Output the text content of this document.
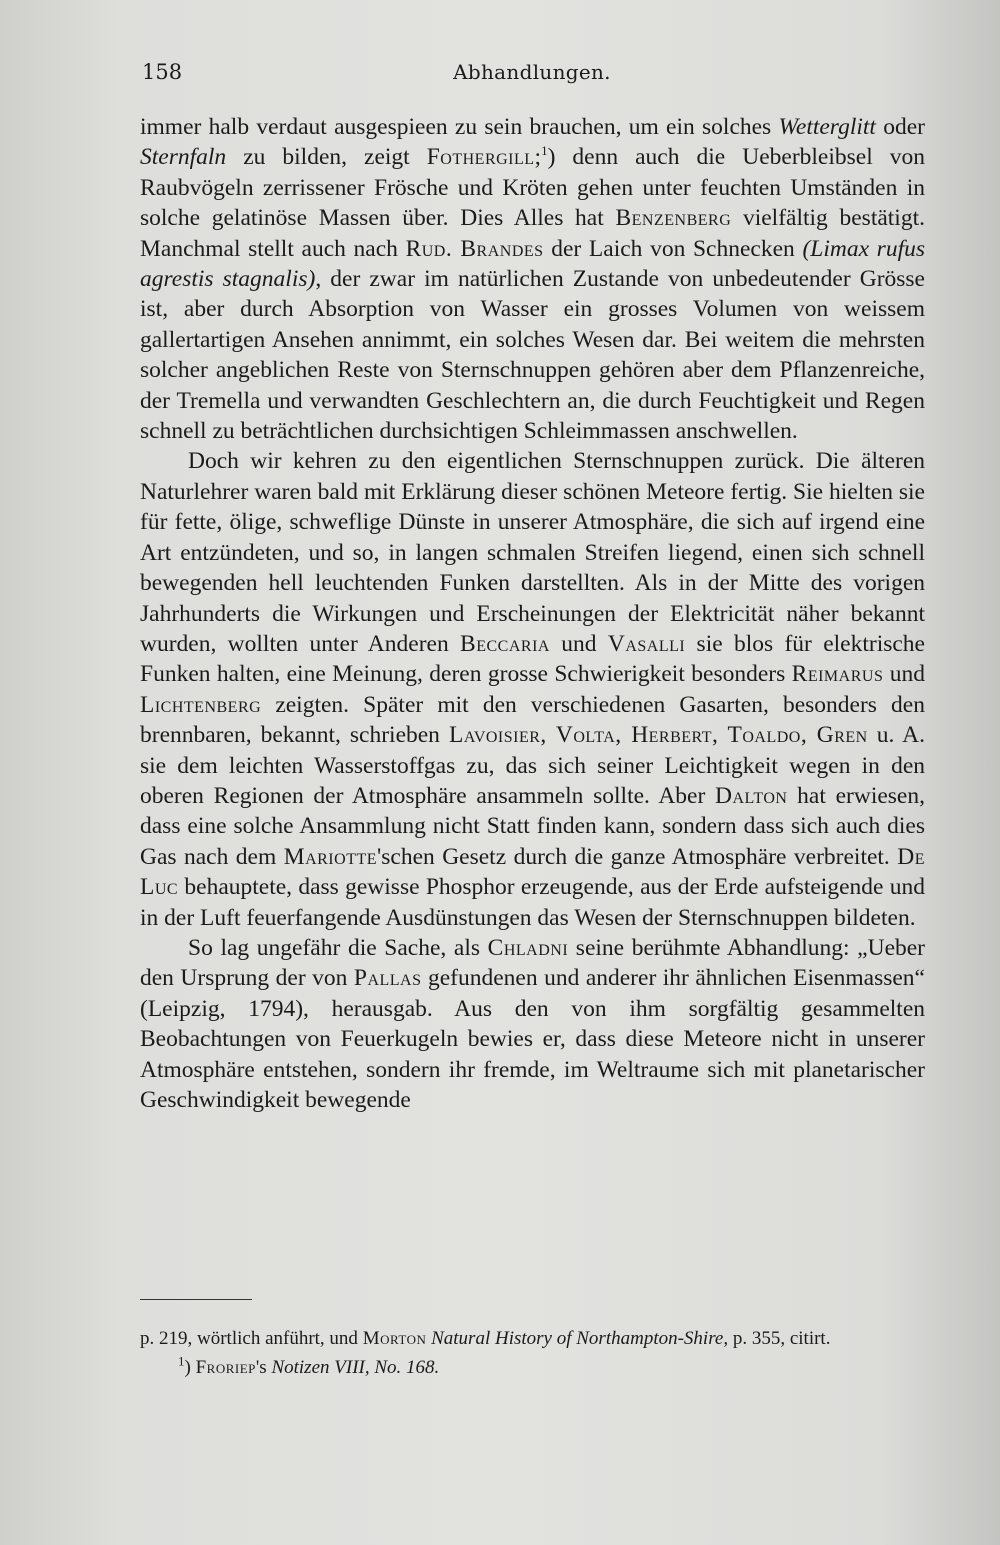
158	Abhandlungen.

immer halb verdaut ausgespieen zu sein brauchen, um ein solches Wetterglitt oder Sternfaln zu bilden, zeigt Fothergill;$^1$) denn auch die Ueberbleibsel von Raubvögeln zerrissener Frösche und Kröten gehen unter feuchten Umständen in solche gelatinöse Massen über. Dies Alles hat Benzenberg vielfältig bestätigt. Manchmal stellt auch nach Rud. Brandes der Laich von Schnecken (Limax rufus agrestis stagnalis), der zwar im natürlichen Zustande von unbedeutender Grösse ist, aber durch Absorption von Wasser ein grosses Volumen von weissem gallertartigen Ansehen annimmt, ein solches Wesen dar. Bei weitem die mehrsten solcher angeblichen Reste von Sternschnuppen gehören aber dem Pflanzenreiche, der Tremella und verwandten Geschlechtern an, die durch Feuchtigkeit und Regen schnell zu beträchtlichen durchsichtigen Schleimmassen anschwellen.

Doch wir kehren zu den eigentlichen Sternschnuppen zurück. Die älteren Naturlehrer waren bald mit Erklärung dieser schönen Meteore fertig. Sie hielten sie für fette, ölige, schweflige Dünste in unserer Atmosphäre, die sich auf irgend eine Art entzündeten, und so, in langen schmalen Streifen liegend, einen sich schnell bewegenden hell leuchtenden Funken darstellten. Als in der Mitte des vorigen Jahrhunderts die Wirkungen und Erscheinungen der Elektricität näher bekannt wurden, wollten unter Anderen Beccaria und Vasalli sie blos für elektrische Funken halten, eine Meinung, deren grosse Schwierigkeit besonders Reimarus und Lichtenberg zeigten. Später mit den verschiedenen Gasarten, besonders den brennbaren, bekannt, schrieben Lavoisier, Volta, Herbert, Toaldo, Gren u. A. sie dem leichten Wasserstoffgas zu, das sich seiner Leichtigkeit wegen in den oberen Regionen der Atmosphäre ansammeln sollte. Aber Dalton hat erwiesen, dass eine solche Ansammlung nicht Statt finden kann, sondern dass sich auch dies Gas nach dem Mariotte'schen Gesetz durch die ganze Atmosphäre verbreitet. De Luc behauptete, dass gewisse Phosphor erzeugende, aus der Erde aufsteigende und in der Luft feuerfangende Ausdünstungen das Wesen der Sternschnuppen bildeten.

So lag ungefähr die Sache, als Chladni seine berühmte Abhandlung: „Ueber den Ursprung der von Pallas gefundenen und anderer ihr ähnlichen Eisenmassen“ (Leipzig, 1794), herausgab. Aus den von ihm sorgfältig gesammelten Beobachtungen von Feuerkugeln bewies er, dass diese Meteore nicht in unserer Atmosphäre entstehen, sondern ihr fremde, im Weltraume sich mit planetarischer Geschwindigkeit bewegende

p. 219, wörtlich anführt, und Morton Natural History of Northampton-Shire, p. 355, citirt.

$^1$) Froriep's Notizen VIII, No. 168.
